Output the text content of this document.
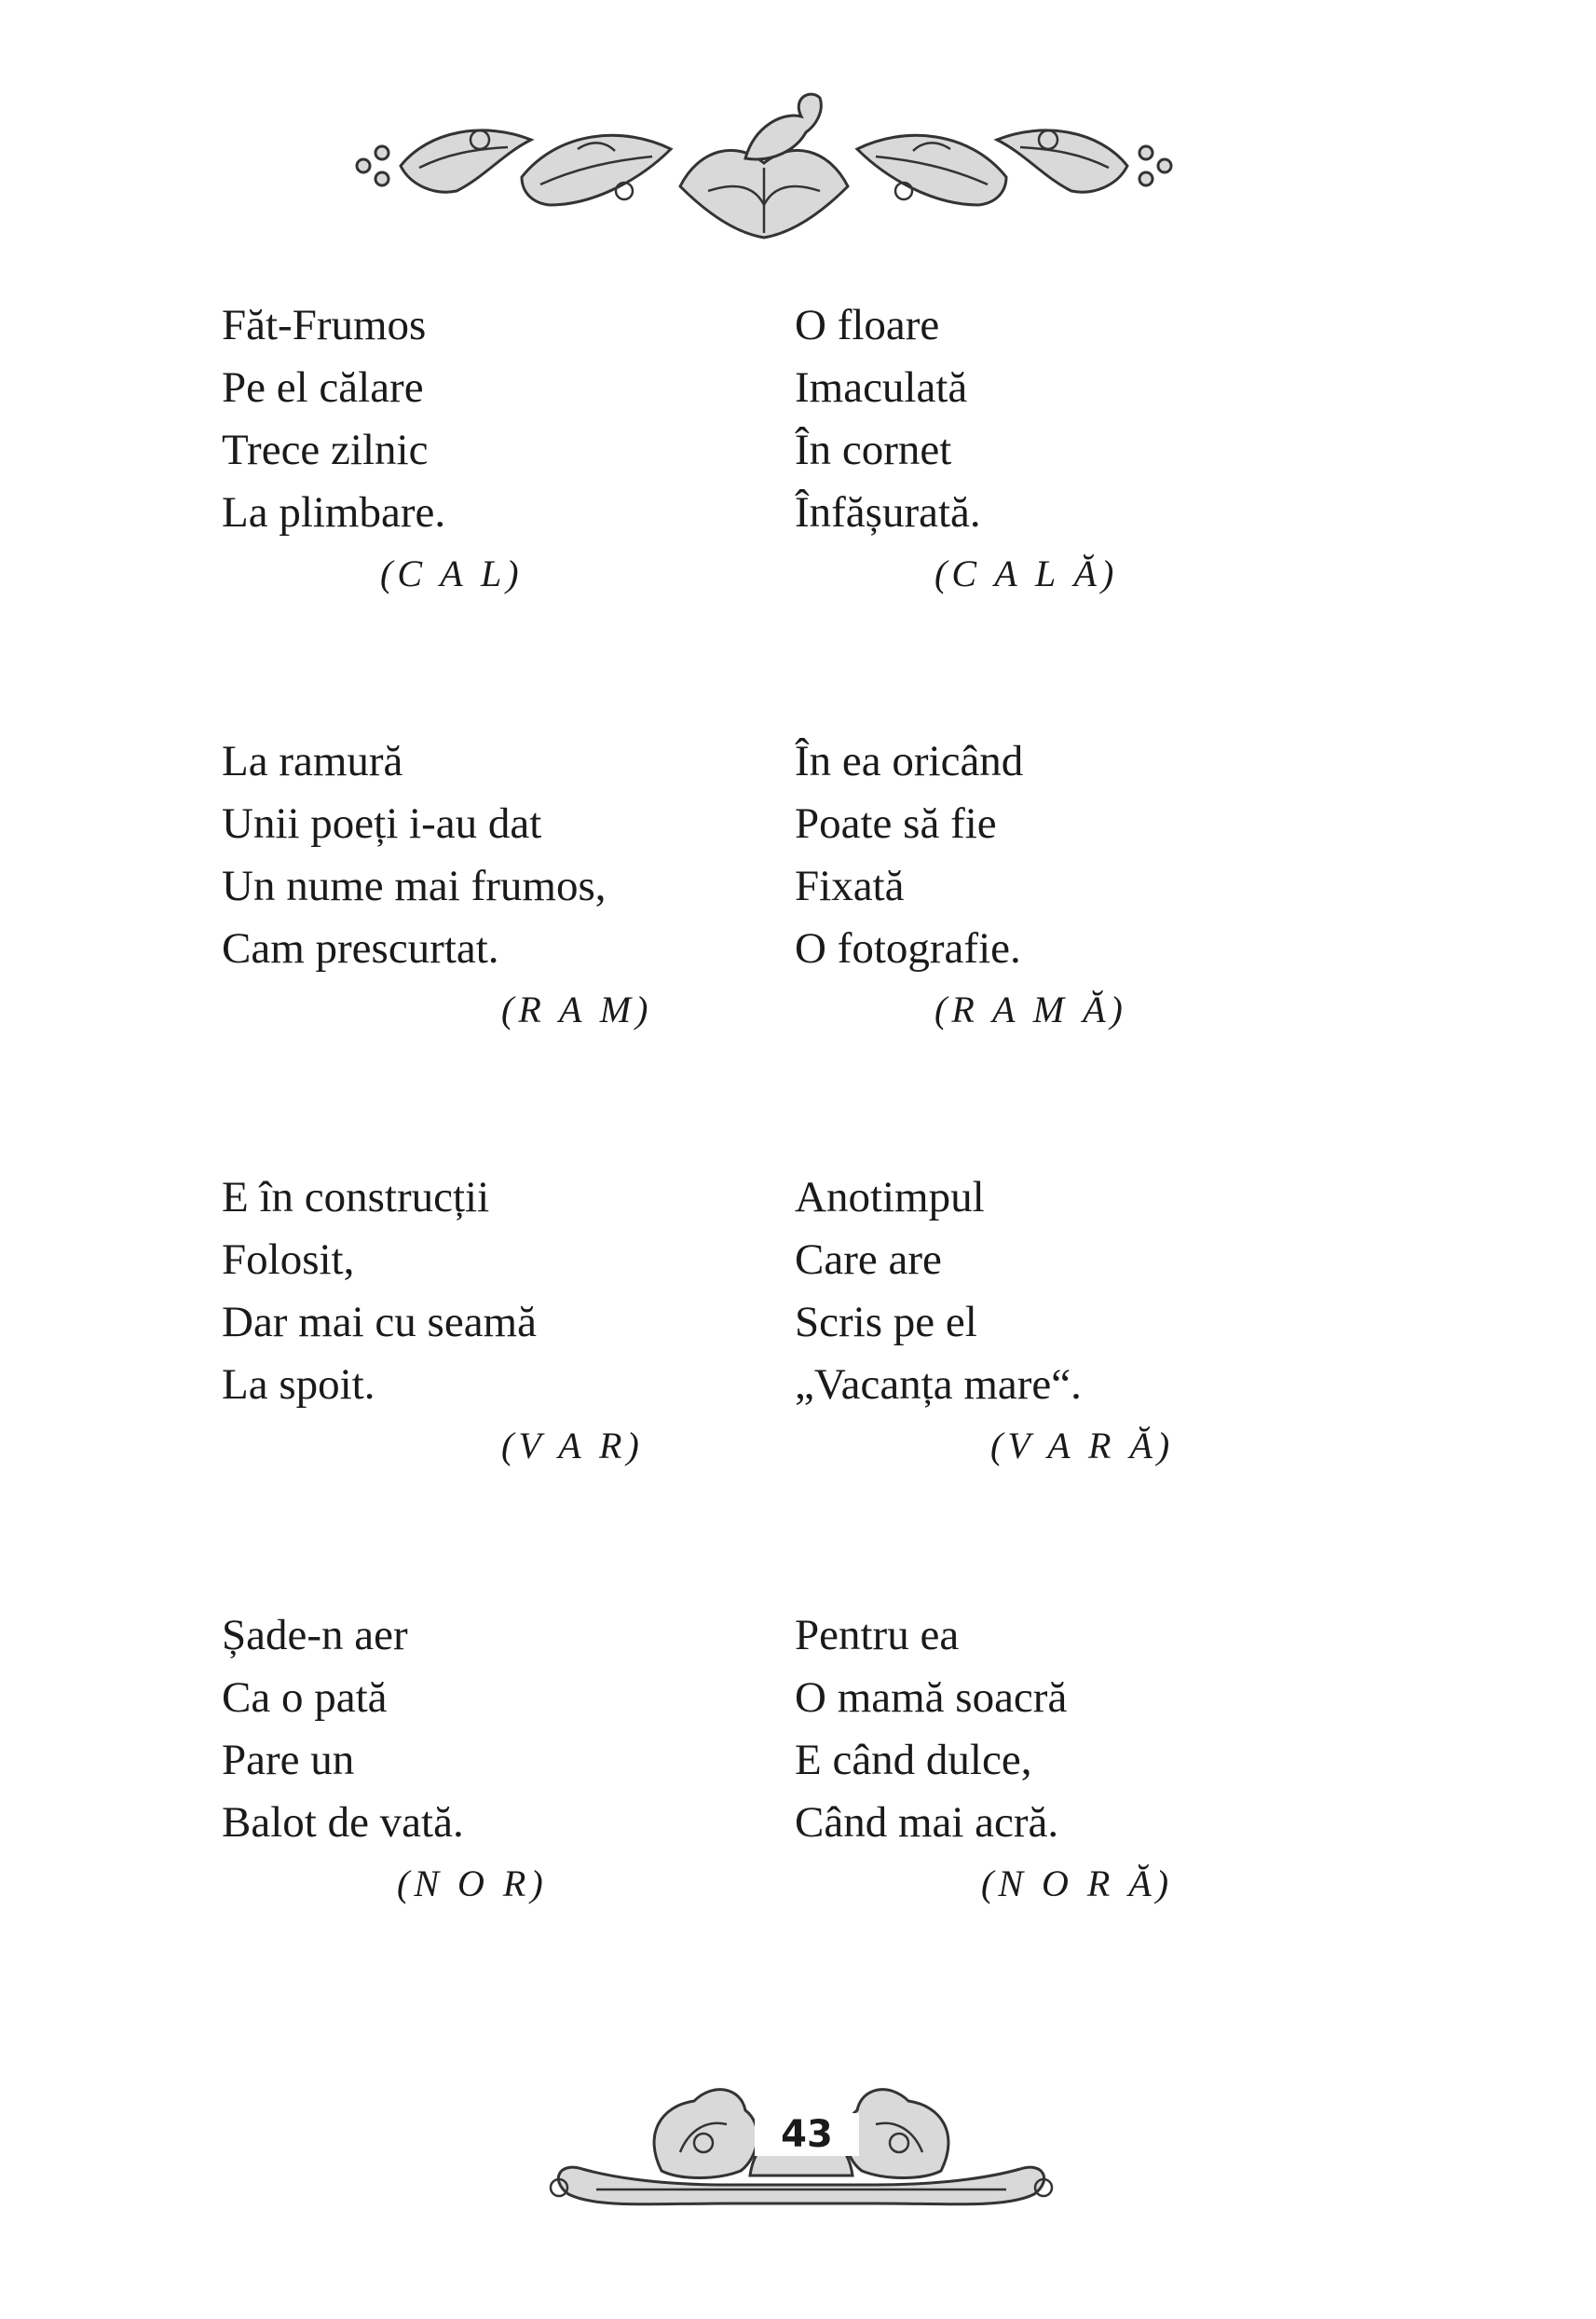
Făt-Frumos
Pe el călare
Trece zilnic
La plimbare.
(C A L)
O floare
Imaculată
În cornet
Înfășurată.
(C A L Ă)
La ramură
Unii poeți i-au dat
Un nume mai frumos,
Cam prescurtat.
(R A M)
În ea oricând
Poate să fie
Fixată
O fotografie.
(R A M Ă)
E în construcții
Folosit,
Dar mai cu seamă
La spoit.
(V A R)
Anotimpul
Care are
Scris pe el
„Vacanța mare“.
(V A R Ă)
Șade-n aer
Ca o pată
Pare un
Balot de vată.
(N O R)
Pentru ea
O mamă soacră
E când dulce,
Când mai acră.
(N O R Ă)
43
